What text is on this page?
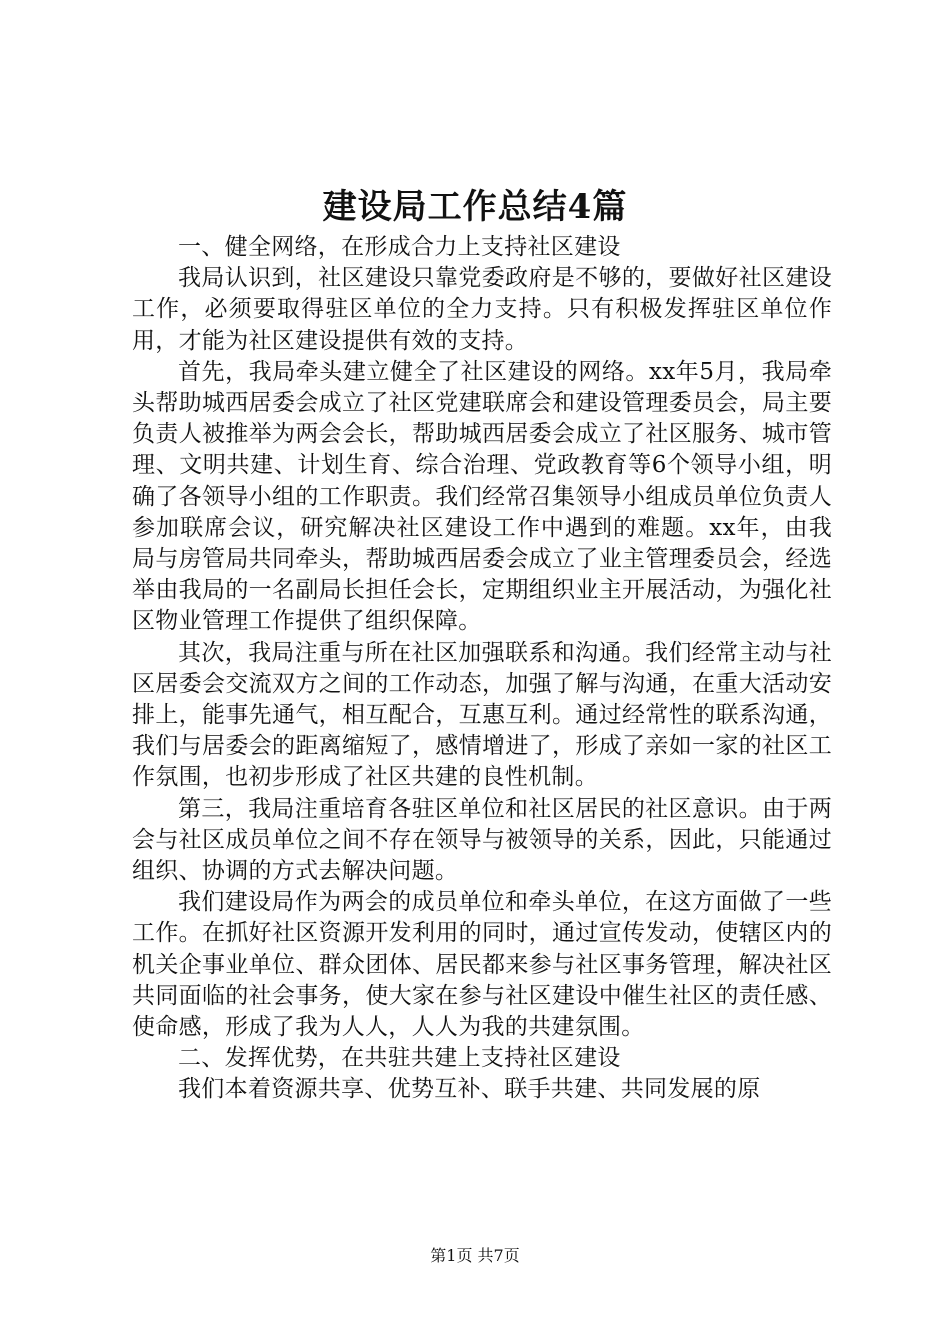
建设局工作总结4篇

一、健全网络，在形成合力上支持社区建设

我局认识到，社区建设只靠党委政府是不够的，要做好社区建设工作，必须要取得驻区单位的全力支持。只有积极发挥驻区单位作用，才能为社区建设提供有效的支持。

首先，我局牵头建立健全了社区建设的网络。xx年5月，我局牵头帮助城西居委会成立了社区党建联席会和建设管理委员会，局主要负责人被推举为两会会长，帮助城西居委会成立了社区服务、城市管理、文明共建、计划生育、综合治理、党政教育等6个领导小组，明确了各领导小组的工作职责。我们经常召集领导小组成员单位负责人参加联席会议，研究解决社区建设工作中遇到的难题。xx年，由我局与房管局共同牵头，帮助城西居委会成立了业主管理委员会，经选举由我局的一名副局长担任会长，定期组织业主开展活动，为强化社区物业管理工作提供了组织保障。

其次，我局注重与所在社区加强联系和沟通。我们经常主动与社区居委会交流双方之间的工作动态，加强了解与沟通，在重大活动安排上，能事先通气，相互配合，互惠互利。通过经常性的联系沟通，我们与居委会的距离缩短了，感情增进了，形成了亲如一家的社区工作氛围，也初步形成了社区共建的良性机制。

第三，我局注重培育各驻区单位和社区居民的社区意识。由于两会与社区成员单位之间不存在领导与被领导的关系，因此，只能通过组织、协调的方式去解决问题。

我们建设局作为两会的成员单位和牵头单位，在这方面做了一些工作。在抓好社区资源开发利用的同时，通过宣传发动，使辖区内的机关企事业单位、群众团体、居民都来参与社区事务管理，解决社区共同面临的社会事务，使大家在参与社区建设中催生社区的责任感、使命感，形成了我为人人，人人为我的共建氛围。

二、发挥优势，在共驻共建上支持社区建设

我们本着资源共享、优势互补、联手共建、共同发展的原

第1页 共7页
